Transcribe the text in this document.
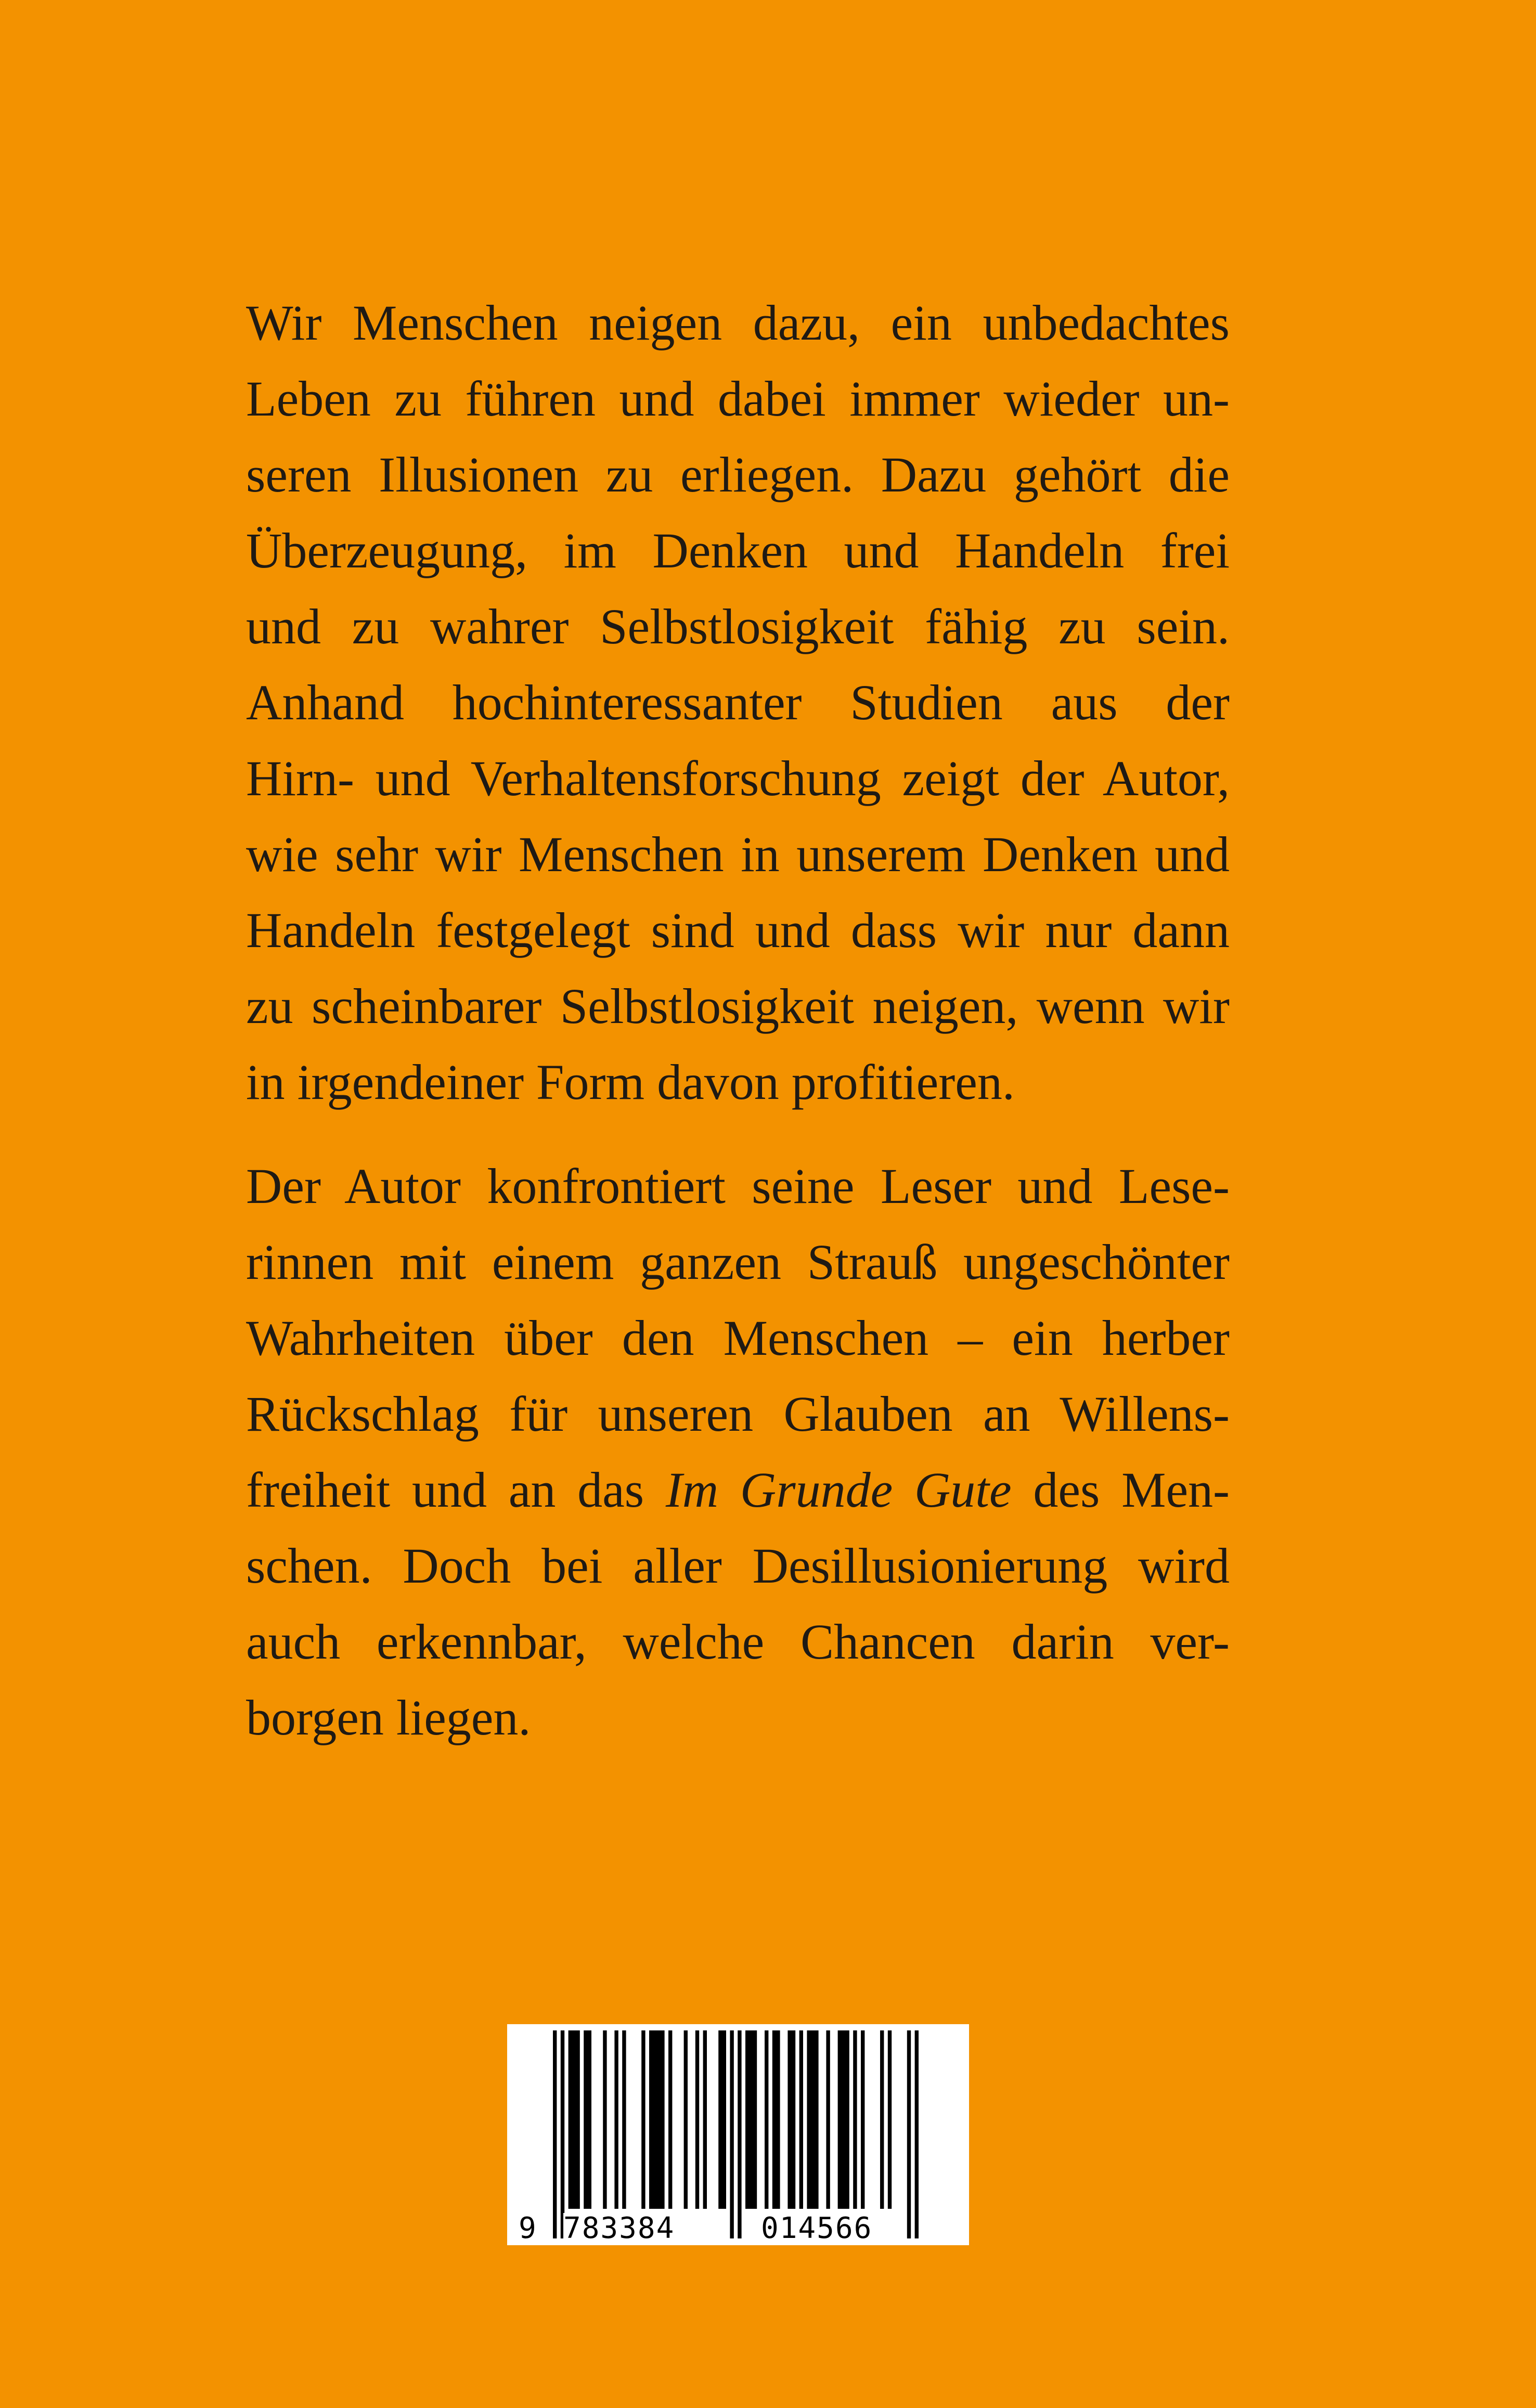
Wir Menschen neigen dazu, ein unbedachtes
Leben zu führen und dabei immer wieder un-
seren Illusionen zu erliegen. Dazu gehört die
Überzeugung, im Denken und Handeln frei
und zu wahrer Selbstlosigkeit fähig zu sein.
Anhand hochinteressanter Studien aus der
Hirn- und Verhaltensforschung zeigt der Autor,
wie sehr wir Menschen in unserem Denken und
Handeln festgelegt sind und dass wir nur dann
zu scheinbarer Selbstlosigkeit neigen, wenn wir
in irgendeiner Form davon profitieren.

Der Autor konfrontiert seine Leser und Lese-
rinnen mit einem ganzen Strauß ungeschönter
Wahrheiten über den Menschen – ein herber
Rückschlag für unseren Glauben an Willens-
freiheit und an das Im Grunde Gute des Men-
schen. Doch bei aller Desillusionierung wird
auch erkennbar, welche Chancen darin ver-
borgen liegen.

9 783384	014566
